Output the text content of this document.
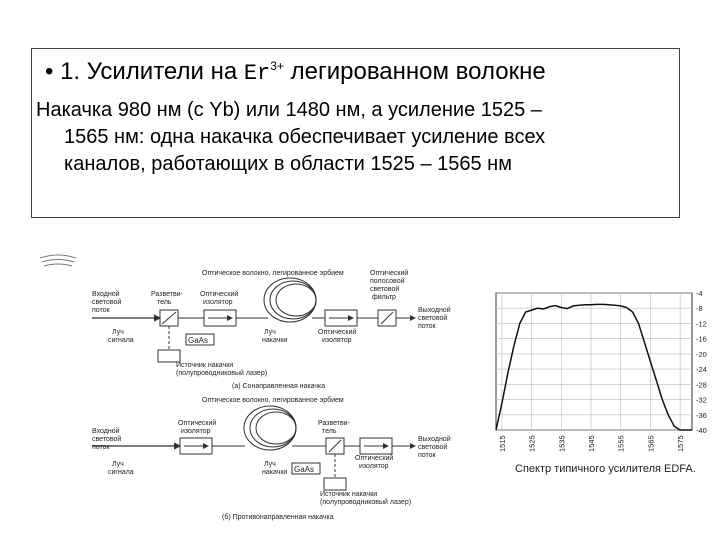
• 1. Усилители на $Er^{3+}$ легированном волокне
Накачка 980 нм (с Yb) или 1480 нм, а усиление 1525 –
1565 нм: одна накачка обеспечивает усиление всех
каналов, работающих в области 1525 – 1565 нм
Оптическое волокно, легированное эрбием
Входной
световой
поток
Луч
сигнала
Разветви-
тель
Оптический
изолятор
Луч
накачки
Оптический
изолятор
Оптический
полосовой
световой
фильтр
Выходной
световой
поток
GaAs
Источник накачки
(полупроводниковый лазер)
(а) Сонаправленная накачка
Оптическое волокно, легированное эрбием
Входной
световой
поток
Луч
сигнала
Оптический
изолятор
Разветви-
тель
Луч
накачки
Оптический
изолятор
Выходной
световой
поток
GaAs
Источник накачки
(полупроводниковый лазер)
(б) Противонаправленная накачка
-4
-8
-12
-16
-20
-24
-28
-32
-36
-40
1515	1525	1535	1545	1555	1565	1575
Спектр типичного усилителя EDFA.
